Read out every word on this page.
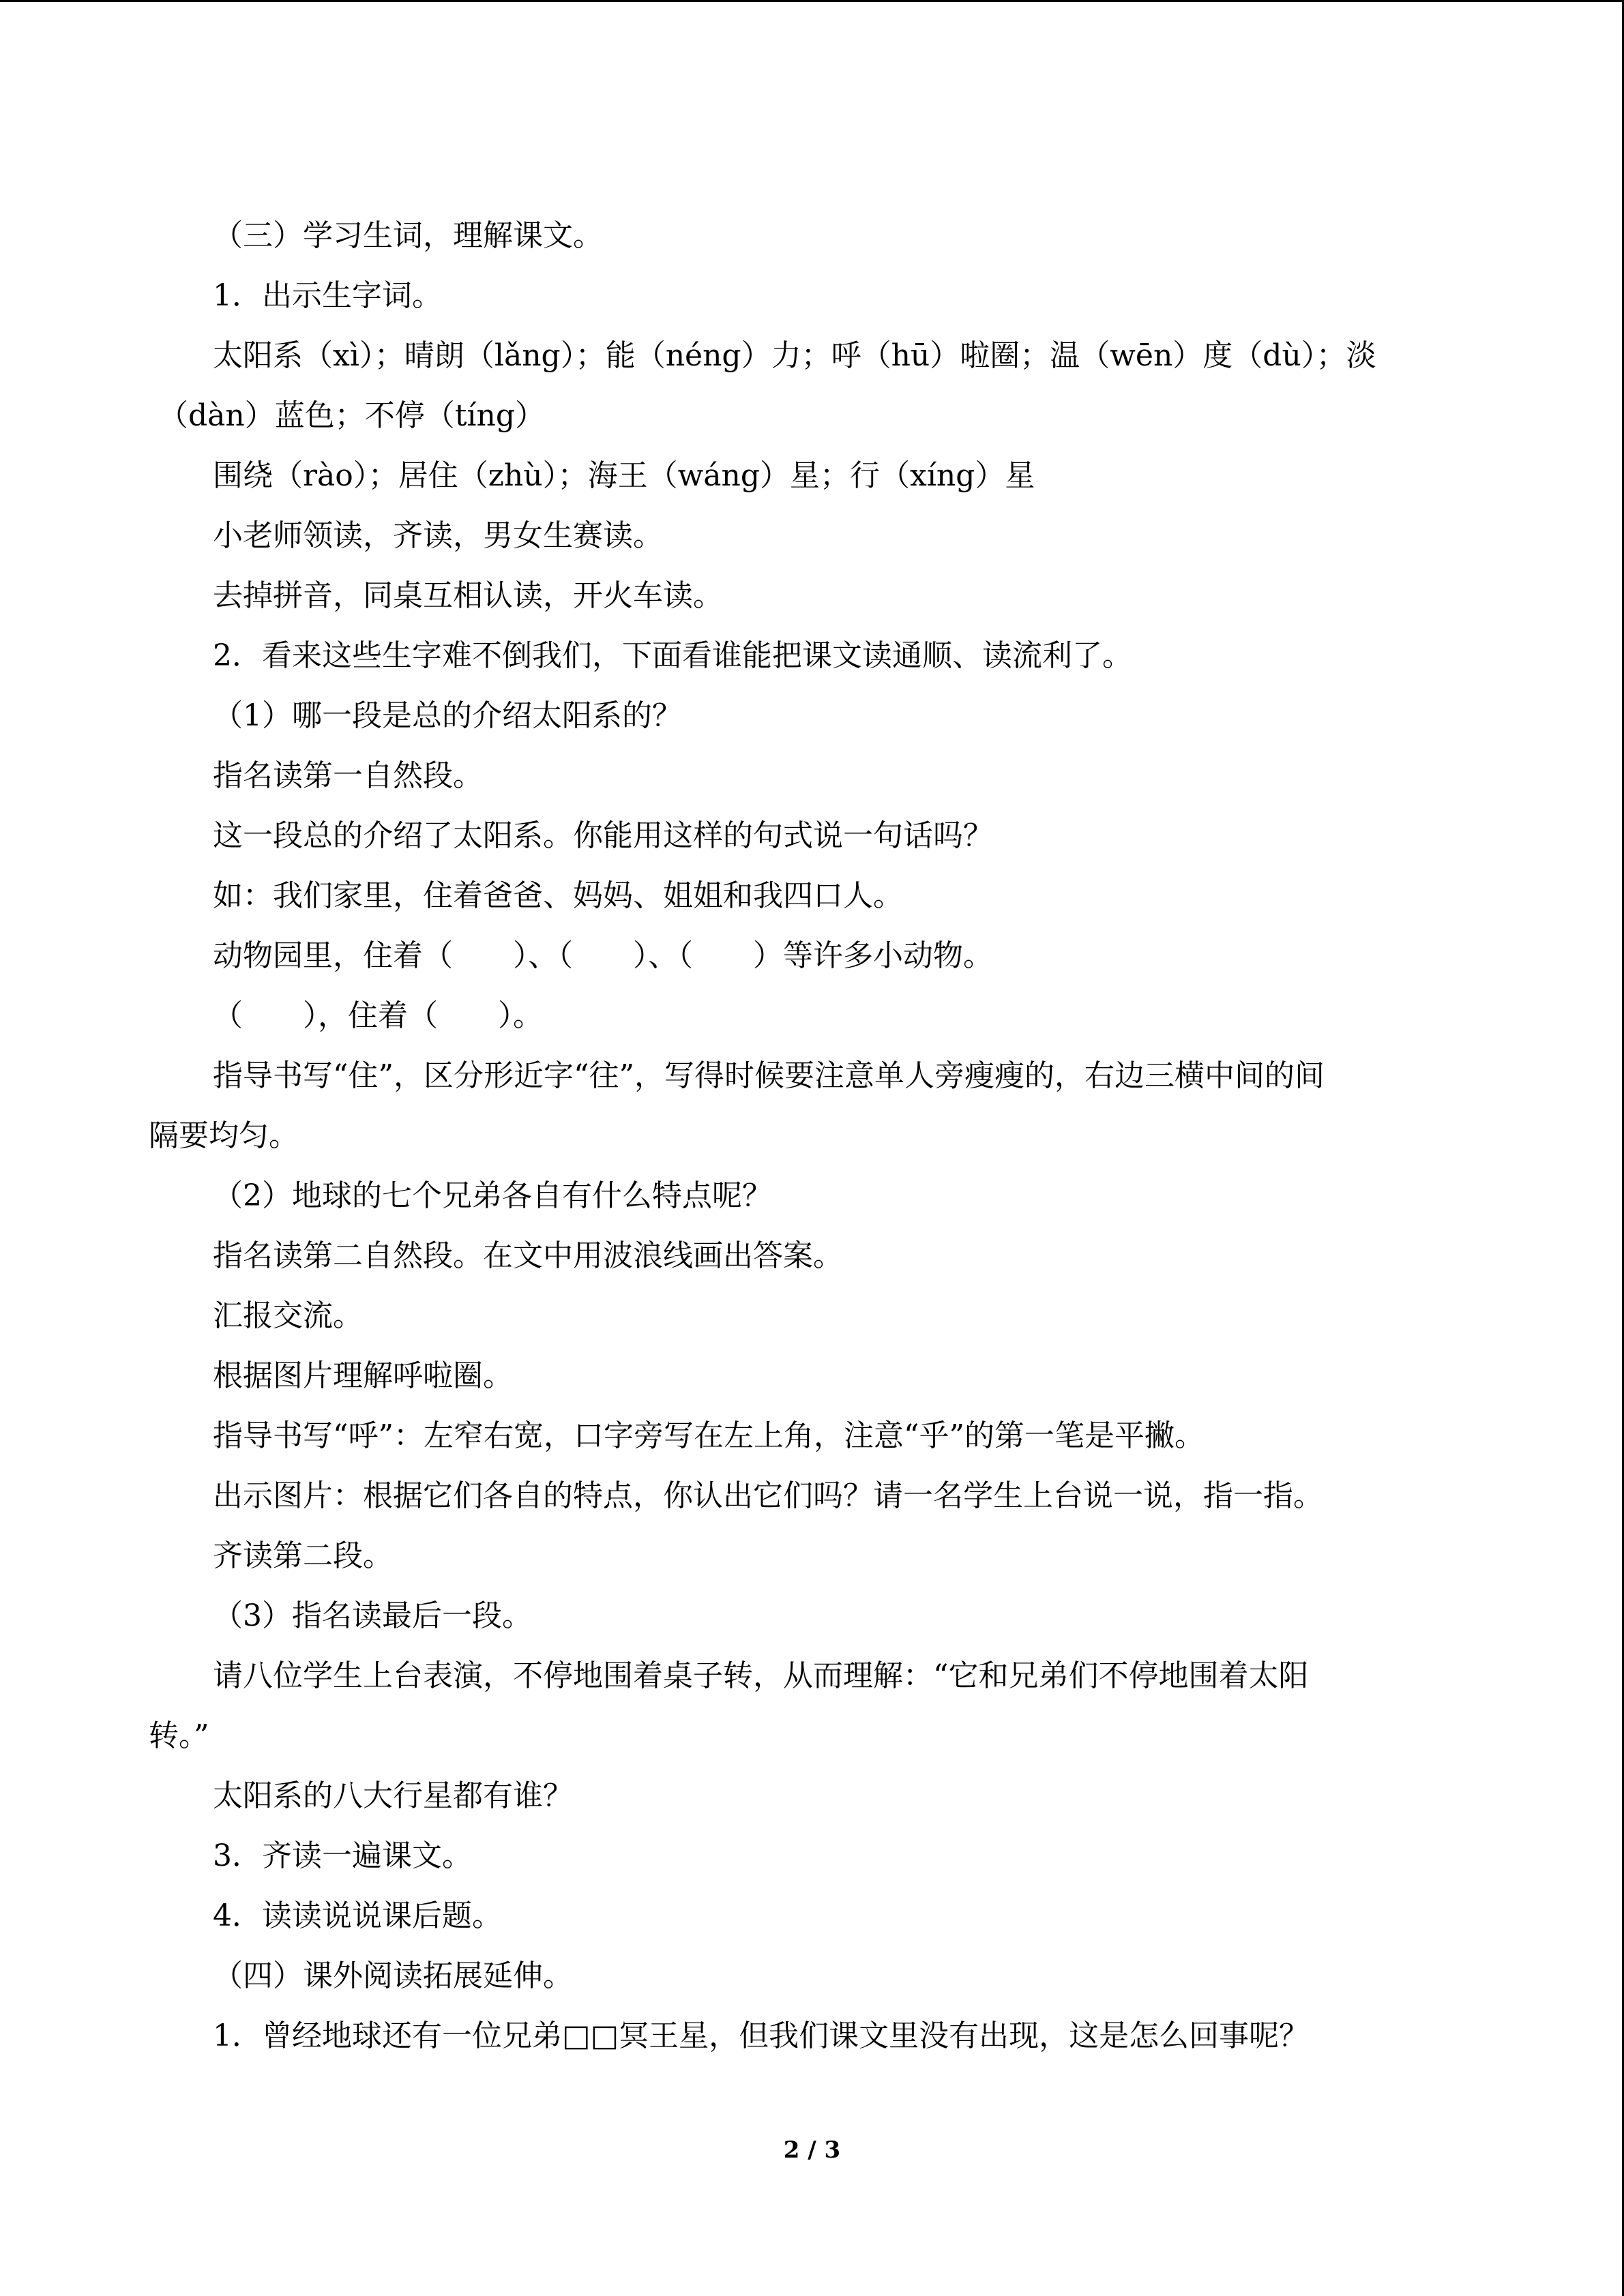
（三）学习生词，理解课文。
1．出示生字词。
太阳系（xì）；晴朗（lǎng）；能（néng）力；呼（hū）啦圈；温（wēn）度（dù）；淡
（dàn）蓝色；不停（tíng）
围绕（rào）；居住（zhù）；海王（wáng）星；行（xíng）星
小老师领读，齐读，男女生赛读。
去掉拼音，同桌互相认读，开火车读。
2．看来这些生字难不倒我们，下面看谁能把课文读通顺、读流利了。
（1）哪一段是总的介绍太阳系的？
指名读第一自然段。
这一段总的介绍了太阳系。你能用这样的句式说一句话吗？
如：我们家里，住着爸爸、妈妈、姐姐和我四口人。
动物园里，住着（　　）、（　　）、（　　）等许多小动物。
（　　），住着（　　）。
指导书写“住”，区分形近字“往”，写得时候要注意单人旁瘦瘦的，右边三横中间的间
隔要均匀。
（2）地球的七个兄弟各自有什么特点呢？
指名读第二自然段。在文中用波浪线画出答案。
汇报交流。
根据图片理解呼啦圈。
指导书写“呼”：左窄右宽，口字旁写在左上角，注意“乎”的第一笔是平撇。
出示图片：根据它们各自的特点，你认出它们吗？请一名学生上台说一说，指一指。
齐读第二段。
（3）指名读最后一段。
请八位学生上台表演，不停地围着桌子转，从而理解：“它和兄弟们不停地围着太阳
转。”
太阳系的八大行星都有谁？
3．齐读一遍课文。
4．读读说说课后题。
（四）课外阅读拓展延伸。
1．曾经地球还有一位兄弟□□冥王星，但我们课文里没有出现，这是怎么回事呢？
2 / 3
